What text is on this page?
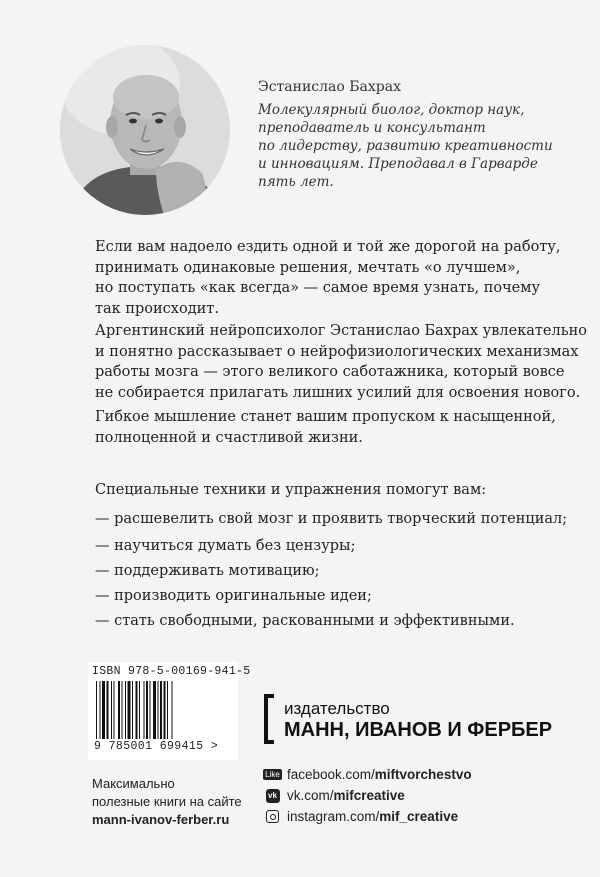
Эстанислао Бахрах
Молекулярный биолог, доктор наук,
преподаватель и консультант
по лидерству, развитию креативности
и инновациям. Преподавал в Гарварде
пять лет.
Если вам надоело ездить одной и той же дорогой на работу,
принимать одинаковые решения, мечтать «о лучшем»,
но поступать «как всегда» — самое время узнать, почему
так происходит.
Аргентинский нейропсихолог Эстанислао Бахрах увлекательно
и понятно рассказывает о нейрофизиологических механизмах
работы мозга — этого великого саботажника, который вовсе
не собирается прилагать лишних усилий для освоения нового.
Гибкое мышление станет вашим пропуском к насыщенной,
полноценной и счастливой жизни.
Специальные техники и упражнения помогут вам:
— расшевелить свой мозг и проявить творческий потенциал;
— научиться думать без цензуры;
— поддерживать мотивацию;
— производить оригинальные идеи;
— стать свободными, раскованными и эффективными.
ISBN 978-5-00169-941-5
9 785001 699415 >
издательство
МАНН, ИВАНОВ И ФЕРБЕР
Максимально
полезные книги на сайте
mann-ivanov-ferber.ru
Like facebook.com/ miftvorchestvo
vk vk.com/ mifcreative
instagram.com/ mif_creative
